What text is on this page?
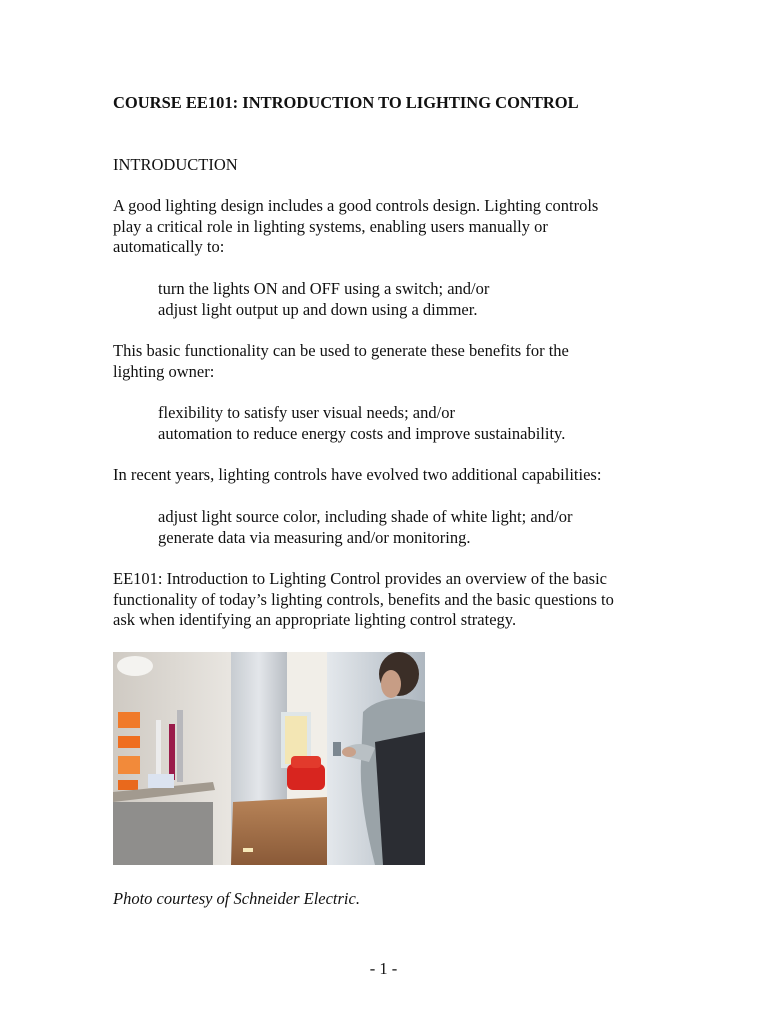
COURSE EE101: INTRODUCTION TO LIGHTING CONTROL
INTRODUCTION

A good lighting design includes a good controls design. Lighting controls
play a critical role in lighting systems, enabling users manually or
automatically to:

turn the lights ON and OFF using a switch; and/or
adjust light output up and down using a dimmer.

This basic functionality can be used to generate these benefits for the
lighting owner:

flexibility to satisfy user visual needs; and/or
automation to reduce energy costs and improve sustainability.

In recent years, lighting controls have evolved two additional capabilities:

adjust light source color, including shade of white light; and/or
generate data via measuring and/or monitoring.

EE101: Introduction to Lighting Control provides an overview of the basic
functionality of today’s lighting controls, benefits and the basic questions to
ask when identifying an appropriate lighting control strategy.

Photo courtesy of Schneider Electric.
- 1 -
